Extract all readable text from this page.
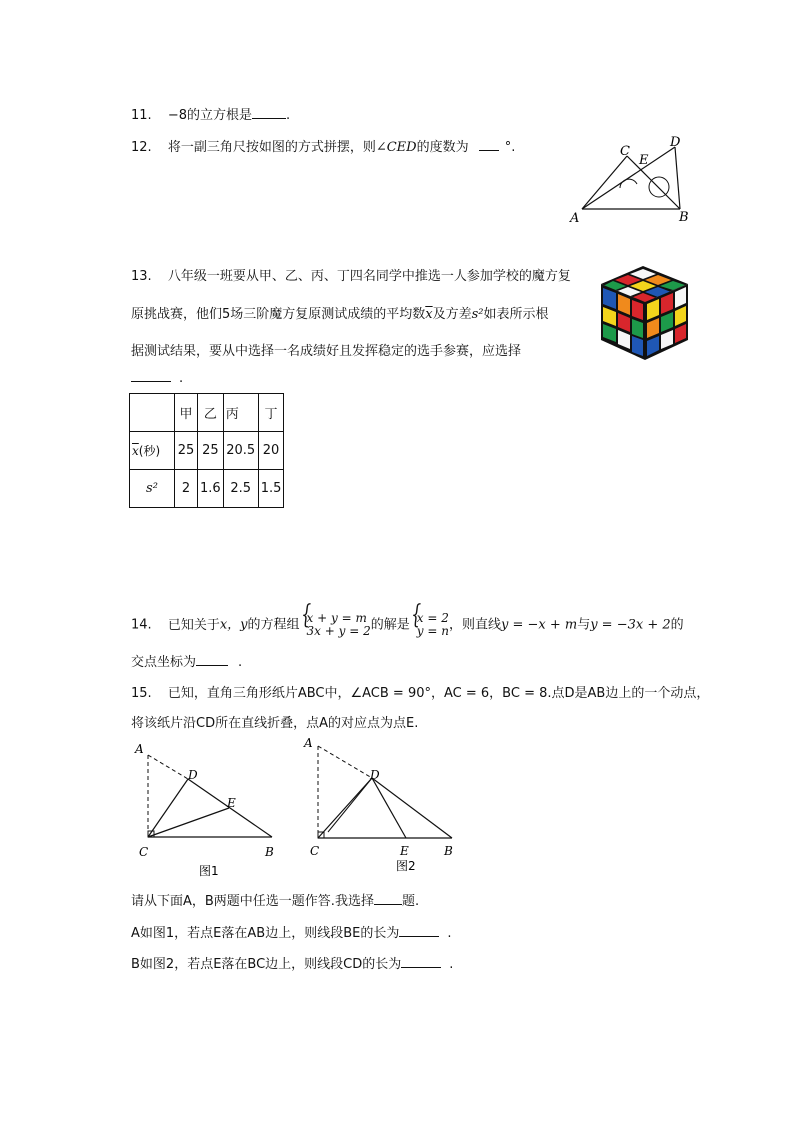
11. −8的立方根是	.
12. 将一副三角尺按如图的方式拼摆，则∠CED的度数为	°.	C
E
D
A	B
13. 八年级一班要从甲、乙、丙、丁四名同学中推选一人参加学校的魔方复
原挑战赛，他们5场三阶魔方复原测试成绩的平均数$\overline{x}$及方差s²如表所示根
据测试结果，要从中选择一名成绩好且发挥稳定的选手参赛，应选择
.
	甲	乙	丙	丁
$\overline{x}$(秒)	25	25	20.5	20
s²	2	1.6	2.5	1.5
14. 已知关于x，y的方程组 { x + y = m
3x + y = 2 的解是 { x = 2
y = n ，则直线y = −x + m与y = −3x + 2的
交点坐标为	.
15. 已知，直角三角形纸片ABC中，∠ACB = 90°，AC = 6，BC = 8.点D是AB边上的一个动点，
将该纸片沿CD所在直线折叠，点A的对应点为点E.
A
D
E
C	B
图1
A
D
E
C	B
图2
请从下面A，B两题中任选一题作答.我选择 题.
A如图1，若点E落在AB边上，则线段BE的长为	.
B如图2，若点E落在BC边上，则线段CD的长为	.
